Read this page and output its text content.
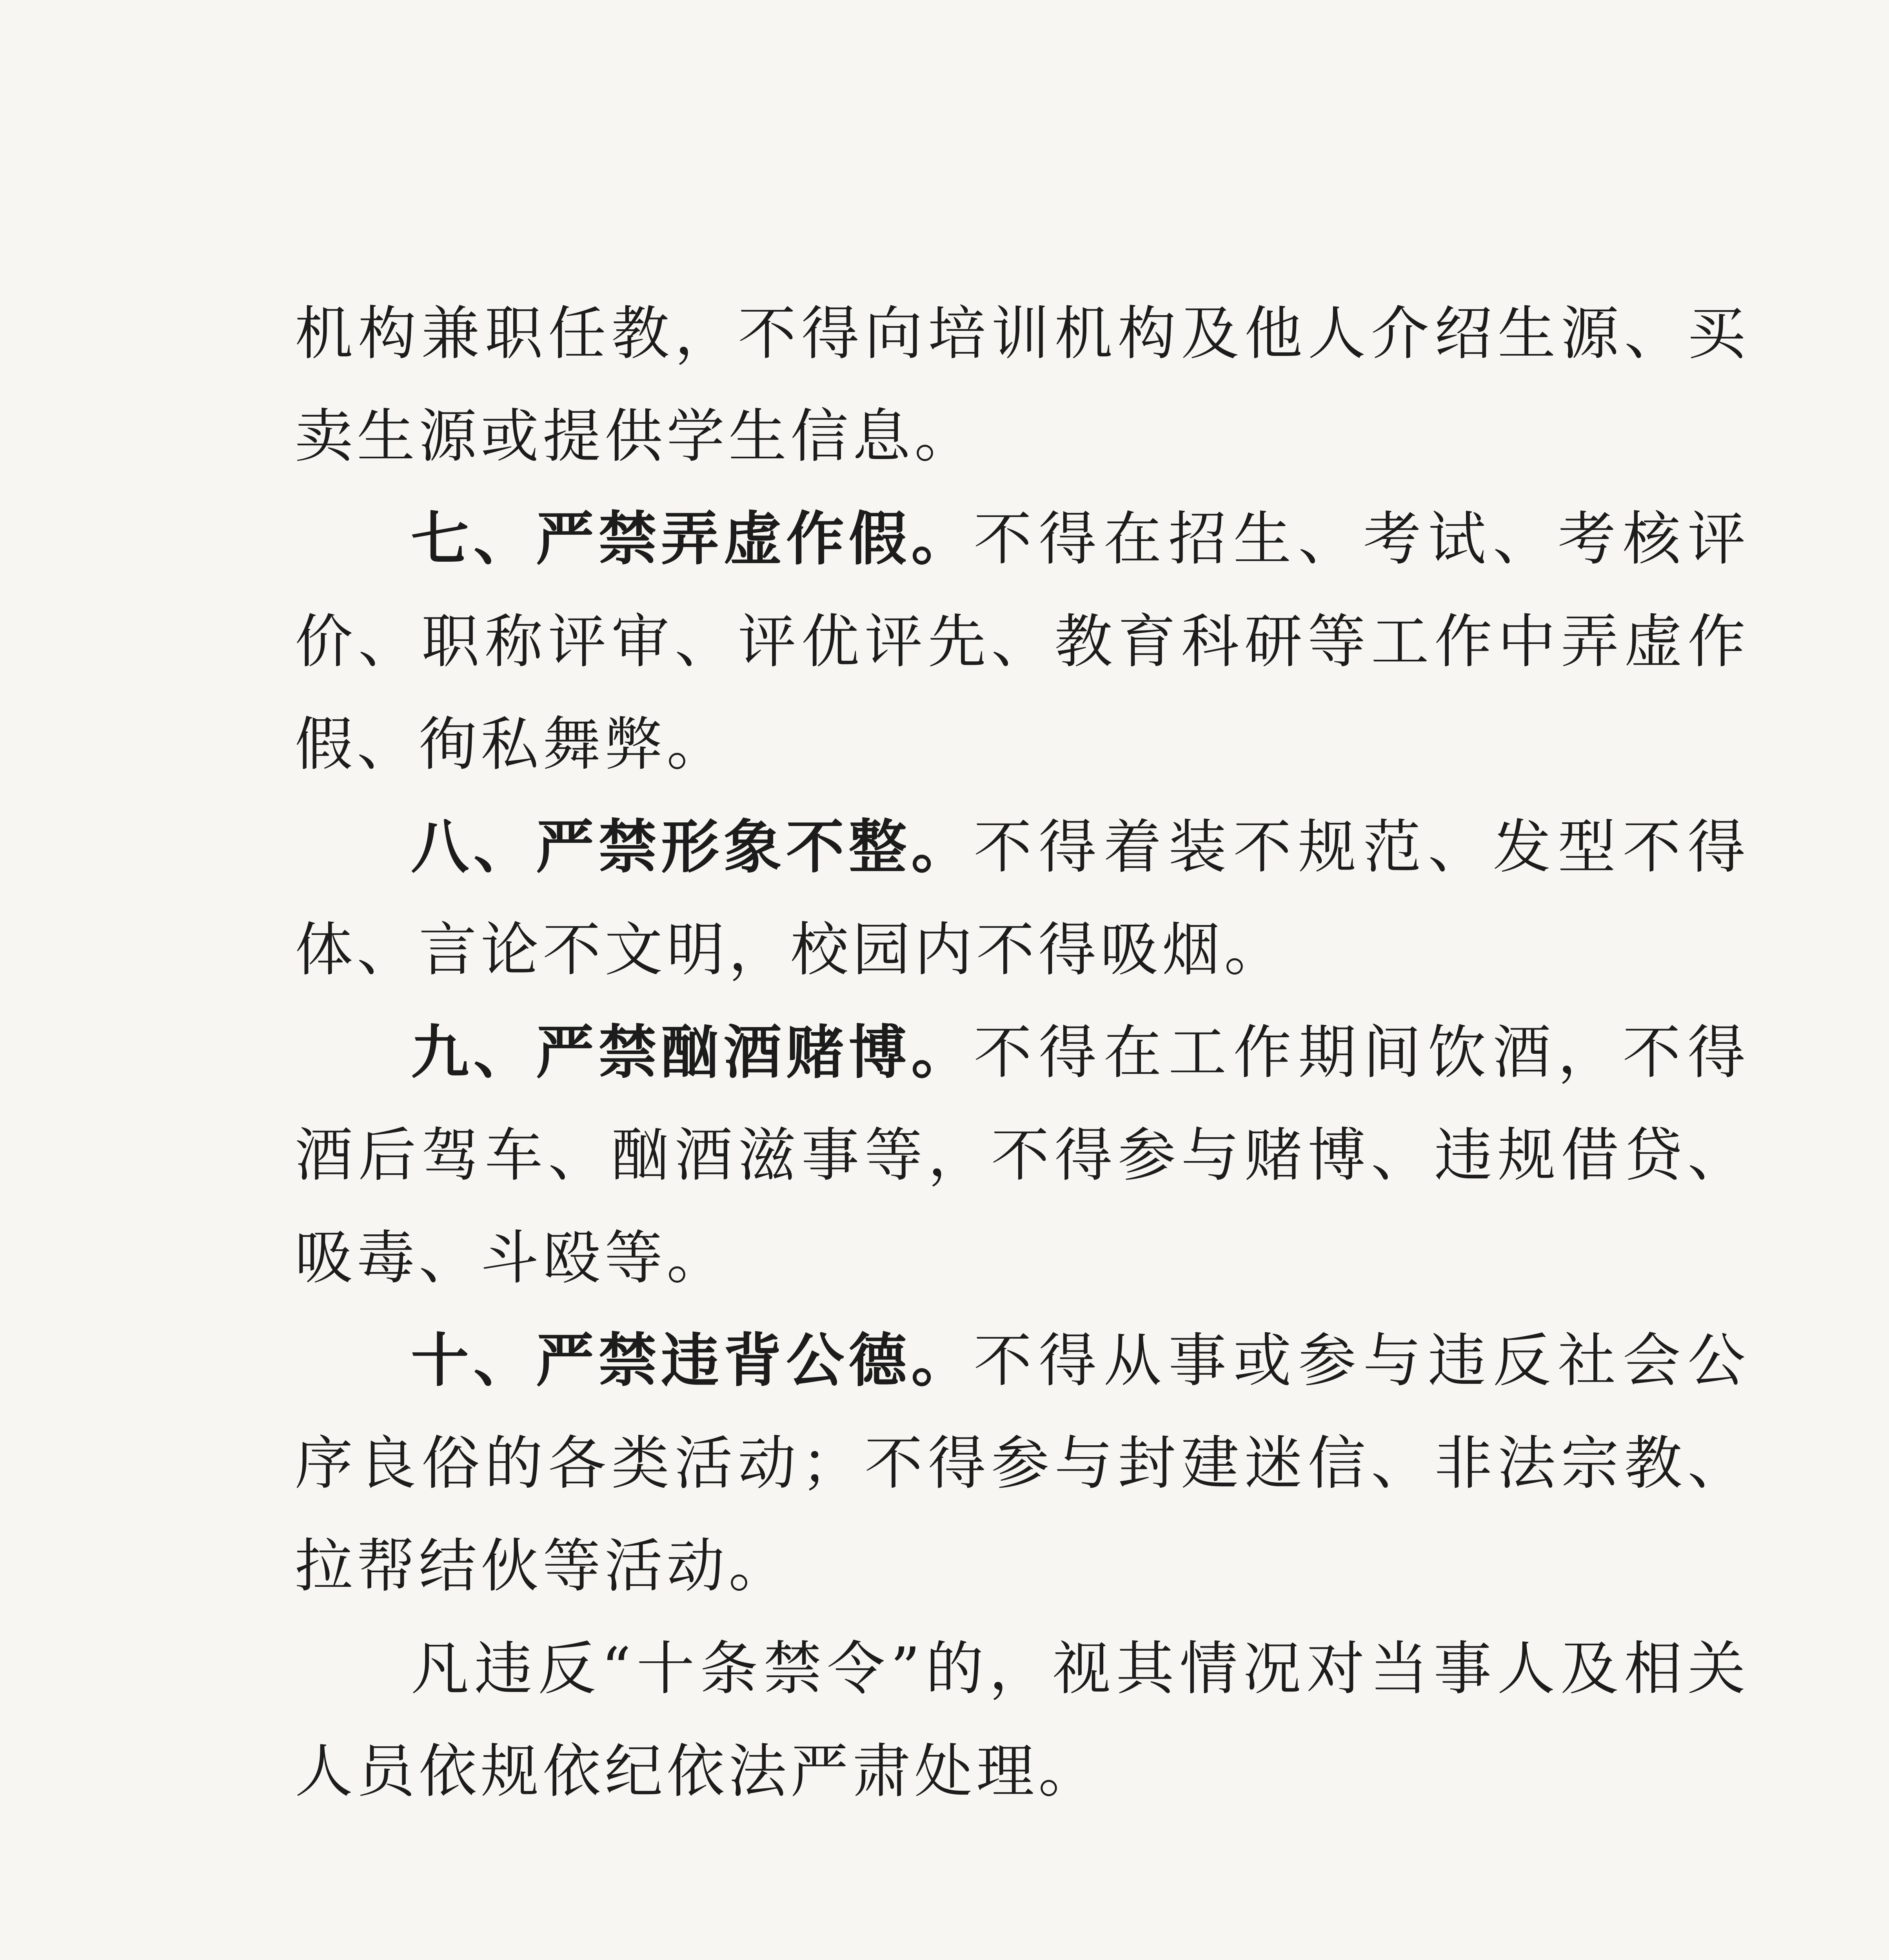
机构兼职任教，不得向培训机构及他人介绍生源、买卖生源或提供学生信息。

七、严禁弄虚作假。不得在招生、考试、考核评价、职称评审、评优评先、教育科研等工作中弄虚作假、徇私舞弊。

八、严禁形象不整。不得着装不规范、发型不得体、言论不文明，校园内不得吸烟。

九、严禁酗酒赌博。不得在工作期间饮酒，不得酒后驾车、酗酒滋事等，不得参与赌博、违规借贷、吸毒、斗殴等。

十、严禁违背公德。不得从事或参与违反社会公序良俗的各类活动；不得参与封建迷信、非法宗教、拉帮结伙等活动。

凡违反“十条禁令”的，视其情况对当事人及相关人员依规依纪依法严肃处理。
